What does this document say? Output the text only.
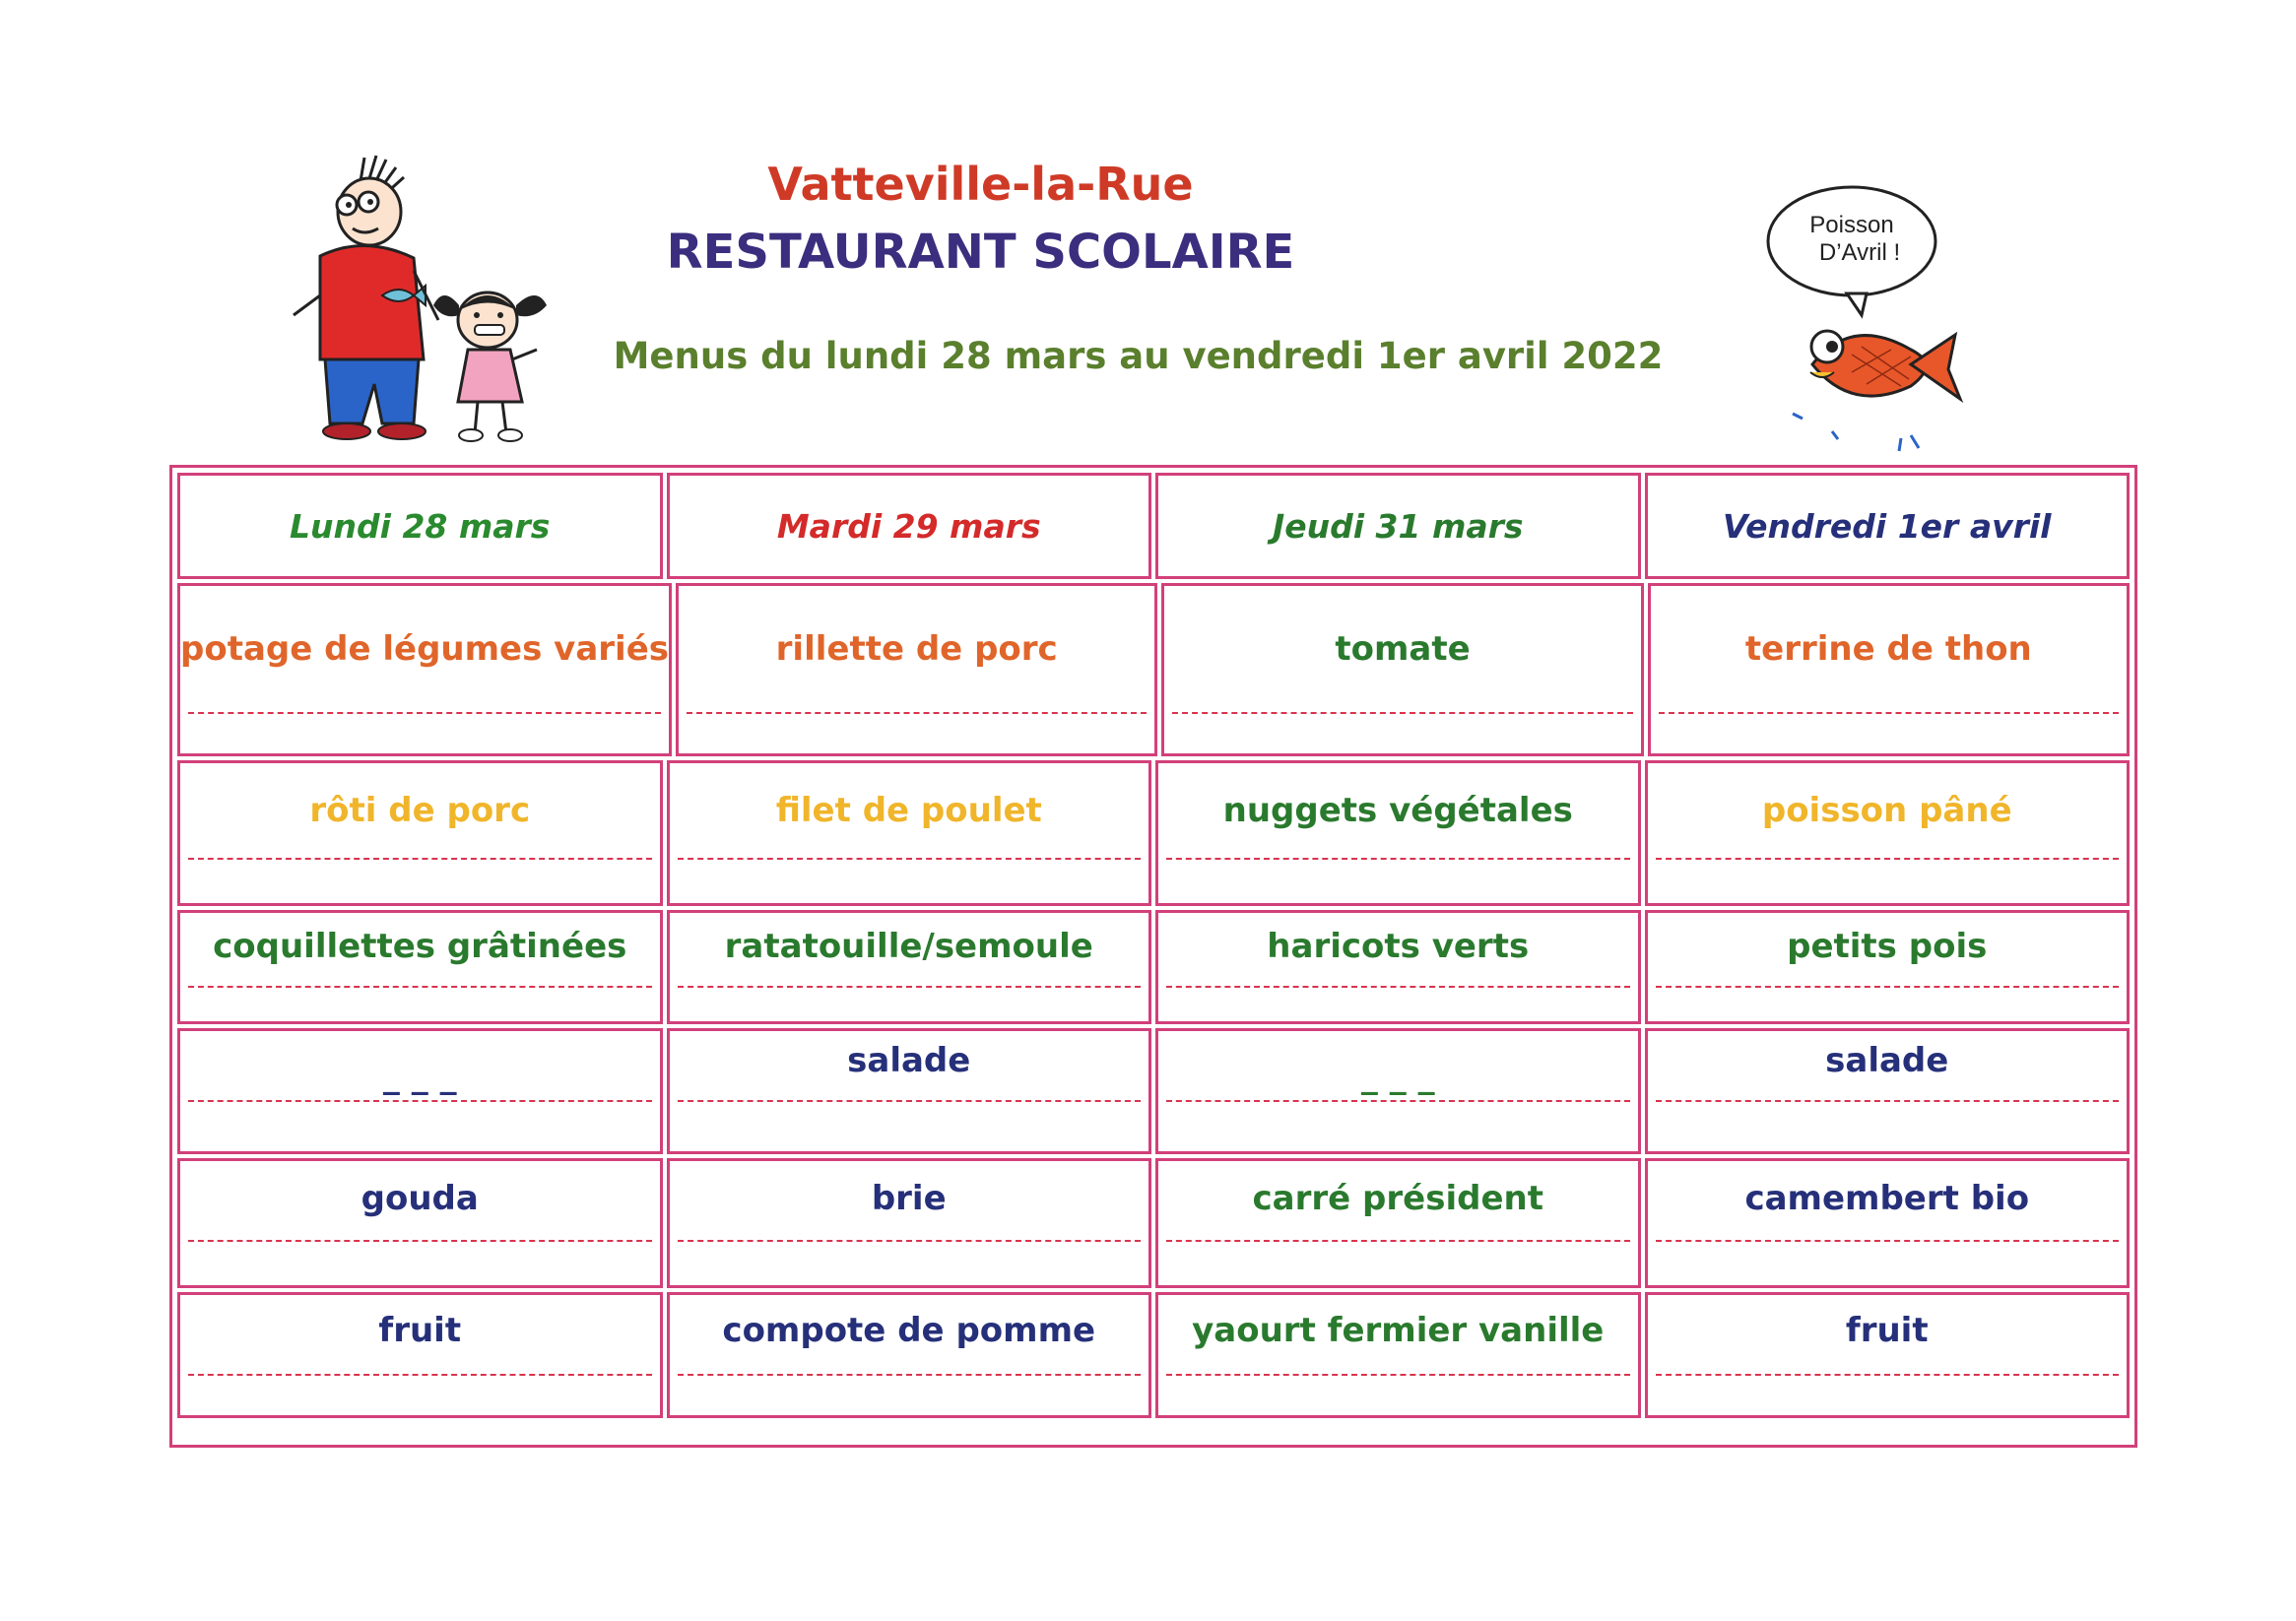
Vatteville-la-Rue
RESTAURANT SCOLAIRE
Menus du lundi 28 mars au vendredi 1er avril 2022
Poisson
D’Avril !
Lundi 28 mars	Mardi 29 mars	Jeudi 31 mars	Vendredi 1er avril
potage de légumes variés	rillette de porc	tomate	terrine de thon
rôti de porc	filet de poulet	nuggets végétales	poisson pâné
coquillettes grâtinées	ratatouille/semoule	haricots verts	petits pois
_ _ _	salade	_ _ _	salade
gouda	brie	carré président	camembert bio
fruit	compote de pomme	yaourt fermier vanille	fruit
